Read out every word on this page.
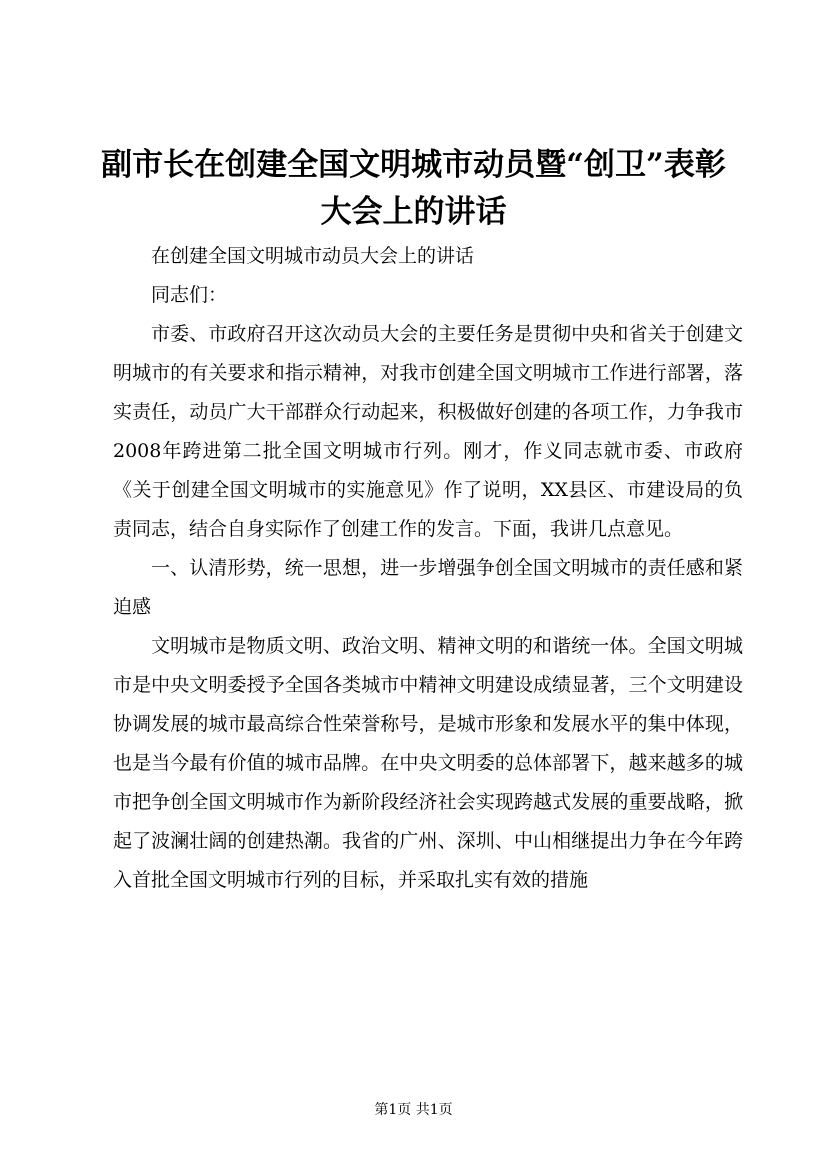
副市长在创建全国文明城市动员暨“创卫”表彰大会上的讲话

在创建全国文明城市动员大会上的讲话

同志们：

市委、市政府召开这次动员大会的主要任务是贯彻中央和省关于创建文明城市的有关要求和指示精神，对我市创建全国文明城市工作进行部署，落实责任，动员广大干部群众行动起来，积极做好创建的各项工作，力争我市2008年跨进第二批全国文明城市行列。刚才，作义同志就市委、市政府《关于创建全国文明城市的实施意见》作了说明，XX县区、市建设局的负责同志，结合自身实际作了创建工作的发言。下面，我讲几点意见。

一、认清形势，统一思想，进一步增强争创全国文明城市的责任感和紧迫感

文明城市是物质文明、政治文明、精神文明的和谐统一体。全国文明城市是中央文明委授予全国各类城市中精神文明建设成绩显著，三个文明建设协调发展的城市最高综合性荣誉称号，是城市形象和发展水平的集中体现，也是当今最有价值的城市品牌。在中央文明委的总体部署下，越来越多的城市把争创全国文明城市作为新阶段经济社会实现跨越式发展的重要战略，掀起了波澜壮阔的创建热潮。我省的广州、深圳、中山相继提出力争在今年跨入首批全国文明城市行列的目标，并采取扎实有效的措施

第1页 共1页
